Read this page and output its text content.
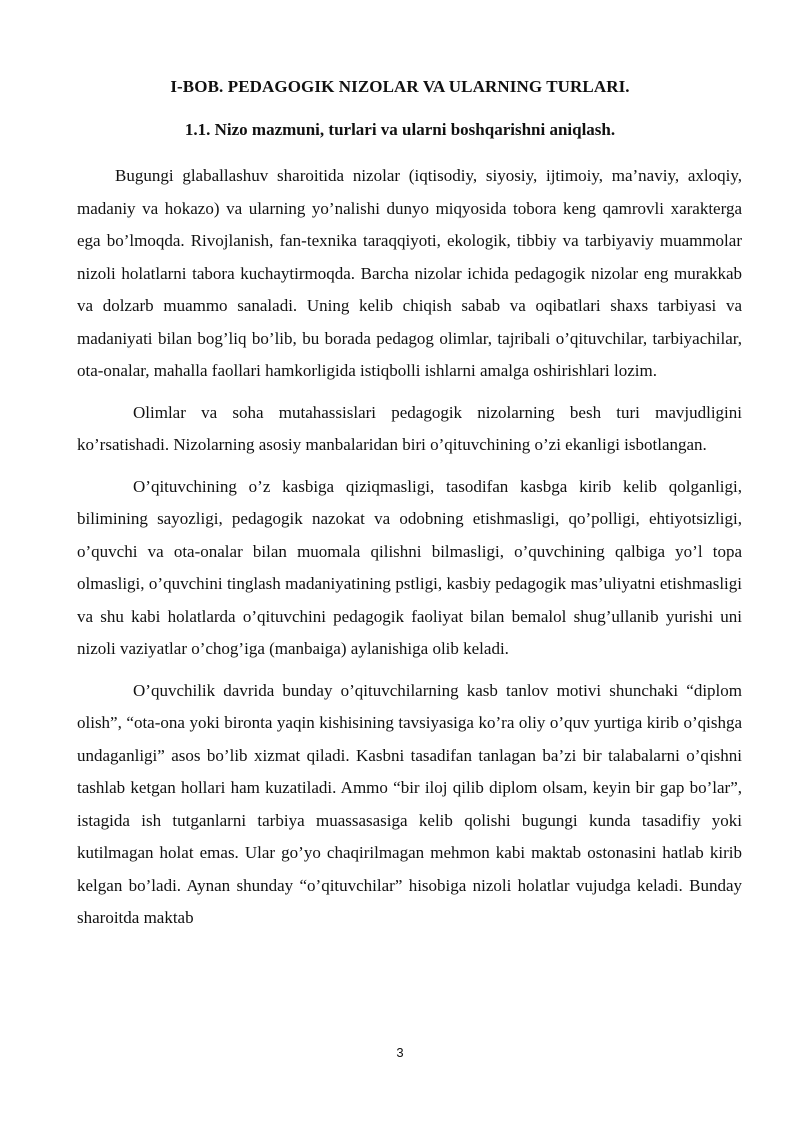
I-BOB. PEDAGOGIK NIZOLAR VA ULARNING TURLARI.
1.1. Nizo mazmuni, turlari va ularni boshqarishni aniqlash.

Bugungi glaballashuv sharoitida nizolar (iqtisodiy, siyosiy, ijtimoiy, ma’naviy, axloqiy, madaniy va hokazo) va ularning yo’nalishi dunyo miqyosida tobora keng qamrovli xarakterga ega bo’lmoqda. Rivojlanish, fan-texnika taraqqiyoti, ekologik, tibbiy va tarbiyaviy muammolar nizoli holatlarni tabora kuchaytirmoqda. Barcha nizolar ichida pedagogik nizolar eng murakkab va dolzarb muammo sanaladi. Uning kelib chiqish sabab va oqibatlari shaxs tarbiyasi va madaniyati bilan bog’liq bo’lib, bu borada pedagog olimlar, tajribali o’qituvchilar, tarbiyachilar, ota-onalar, mahalla faollari hamkorligida istiqbolli ishlarni amalga oshirishlari lozim.

Olimlar va soha mutahassislari pedagogik nizolarning besh turi mavjudligini ko’rsatishadi. Nizolarning asosiy manbalaridan biri o’qituvchining o’zi ekanligi isbotlangan.

O’qituvchining o’z kasbiga qiziqmasligi, tasodifan kasbga kirib kelib qolganligi, bilimining sayozligi, pedagogik nazokat va odobning etishmasligi, qo’polligi, ehtiyotsizligi, o’quvchi va ota-onalar bilan muomala qilishni bilmasligi, o’quvchining qalbiga yo’l topa olmasligi, o’quvchini tinglash madaniyatining pstligi, kasbiy pedagogik mas’uliyatni etishmasligi va shu kabi holatlarda o’qituvchini pedagogik faoliyat bilan bemalol shug’ullanib yurishi uni nizoli vaziyatlar o’chog’iga (manbaiga) aylanishiga olib keladi.

O’quvchilik davrida bunday o’qituvchilarning kasb tanlov motivi shunchaki “diplom olish”, “ota-ona yoki bironta yaqin kishisining tavsiyasiga ko’ra oliy o’quv yurtiga kirib o’qishga undaganligi” asos bo’lib xizmat qiladi. Kasbni tasadifan tanlagan ba’zi bir talabalarni o’qishni tashlab ketgan hollari ham kuzatiladi. Ammo “bir iloj qilib diplom olsam, keyin bir gap bo’lar”, istagida ish tutganlarni tarbiya muassasasiga kelib qolishi bugungi kunda tasadifiy yoki kutilmagan holat emas. Ular go’yo chaqirilmagan mehmon kabi maktab ostonasini hatlab kirib kelgan bo’ladi. Aynan shunday “o’qituvchilar” hisobiga nizoli holatlar vujudga keladi. Bunday sharoitda maktab

3
